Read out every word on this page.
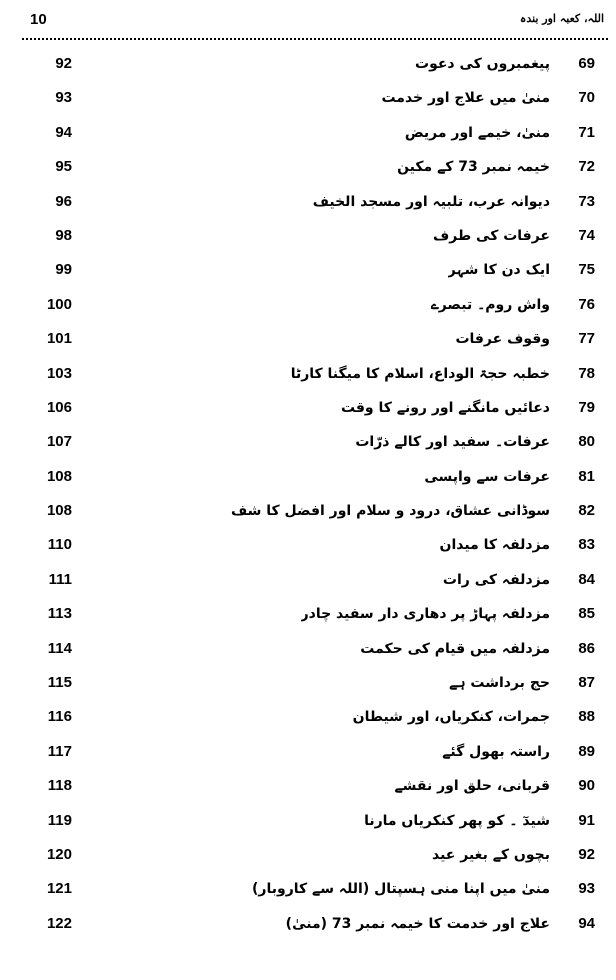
10	اللہ، کعبہ اور بندہ
92	پیغمبروں کی دعوت 69
93	منیٰ میں علاج اور خدمت 70
94	منیٰ، خیمے اور مریض 71
95	خیمہ نمبر 73 کے مکین 72
96	دیوانہ عرب، تلبیہ اور مسجد الخیف 73
98	عرفات کی طرف 74
99	ایک دن کا شہر 75
100	واش روم۔ تبصرے 76
101	وقوف عرفات 77
103	خطبہ حجۃ الوداع، اسلام کا میگنا کارٹا 78
106	دعائیں مانگنے اور رونے کا وقت 79
107	عرفات۔ سفید اور کالے ذرّات 80
108	عرفات سے واپسی 81
108	سوڈانی عشاق، درود و سلام اور افضل کا شف 82
110	مزدلفہ کا میدان 83
111	مزدلفہ کی رات 84
113	مزدلفہ پہاڑ پر دھاری دار سفید چادر 85
114	مزدلفہ میں قیام کی حکمت 86
115	حج برداشت ہے 87
116	جمرات، کنکریاں، اور شیطان 88
117	راستہ بھول گئے 89
118	قربانی، حلق اور نقشے 90
119	شیدٓ ۔ کو پھر کنکریاں مارنا 91
120	بچوں کے بغیر عید 92
121	منیٰ میں اپنا منی ہسپتال (اللہ سے کاروبار) 93
122	علاج اور خدمت کا خیمہ نمبر 73 (منیٰ) 94
